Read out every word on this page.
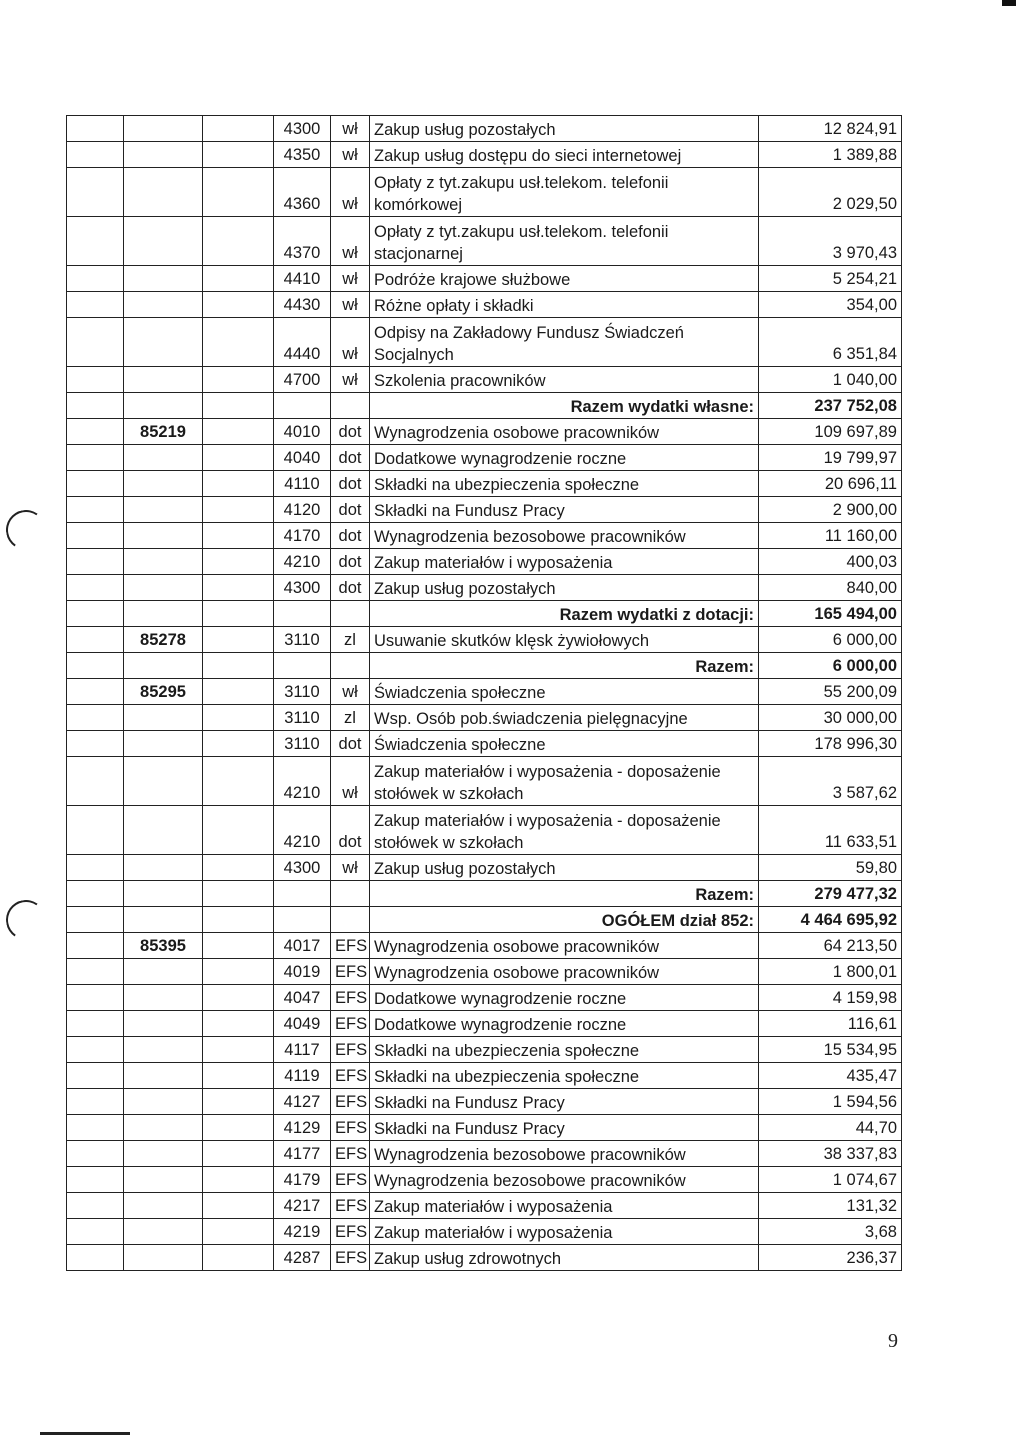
			4300	wł	Zakup usług pozostałych	12 824,91
			4350	wł	Zakup usług dostępu do sieci internetowej	1 389,88
			4360	wł	Opłaty z tyt.zakupu usł.telekom. telefonii komórkowej	2 029,50
			4370	wł	Opłaty z tyt.zakupu usł.telekom. telefonii stacjonarnej	3 970,43
			4410	wł	Podróże krajowe służbowe	5 254,21
			4430	wł	Różne opłaty i składki	354,00
			4440	wł	Odpisy na Zakładowy Fundusz Świadczeń Socjalnych	6 351,84
			4700	wł	Szkolenia pracowników	1 040,00
					Razem wydatki własne:	237 752,08
	85219		4010	dot	Wynagrodzenia osobowe pracowników	109 697,89
			4040	dot	Dodatkowe wynagrodzenie roczne	19 799,97
			4110	dot	Składki na ubezpieczenia społeczne	20 696,11
			4120	dot	Składki na Fundusz Pracy	2 900,00
			4170	dot	Wynagrodzenia bezosobowe pracowników	11 160,00
			4210	dot	Zakup materiałów i wyposażenia	400,03
			4300	dot	Zakup usług pozostałych	840,00
					Razem wydatki z dotacji:	165 494,00
	85278		3110	zl	Usuwanie skutków klęsk żywiołowych	6 000,00
					Razem:	6 000,00
	85295		3110	wł	Świadczenia społeczne	55 200,09
			3110	zl	Wsp. Osób pob.świadczenia pielęgnacyjne	30 000,00
			3110	dot	Świadczenia społeczne	178 996,30
			4210	wł	Zakup materiałów i wyposażenia - doposażenie stołówek w szkołach	3 587,62
			4210	dot	Zakup materiałów i wyposażenia - doposażenie stołówek w szkołach	11 633,51
			4300	wł	Zakup usług pozostałych	59,80
					Razem:	279 477,32
					OGÓŁEM dział 852:	4 464 695,92
	85395		4017	EFS	Wynagrodzenia osobowe pracowników	64 213,50
			4019	EFS	Wynagrodzenia osobowe pracowników	1 800,01
			4047	EFS	Dodatkowe wynagrodzenie roczne	4 159,98
			4049	EFS	Dodatkowe wynagrodzenie roczne	116,61
			4117	EFS	Składki na ubezpieczenia społeczne	15 534,95
			4119	EFS	Składki na ubezpieczenia społeczne	435,47
			4127	EFS	Składki na Fundusz Pracy	1 594,56
			4129	EFS	Składki na Fundusz Pracy	44,70
			4177	EFS	Wynagrodzenia bezosobowe pracowników	38 337,83
			4179	EFS	Wynagrodzenia bezosobowe pracowników	1 074,67
			4217	EFS	Zakup materiałów i wyposażenia	131,32
			4219	EFS	Zakup materiałów i wyposażenia	3,68
			4287	EFS	Zakup usług zdrowotnych	236,37
9
